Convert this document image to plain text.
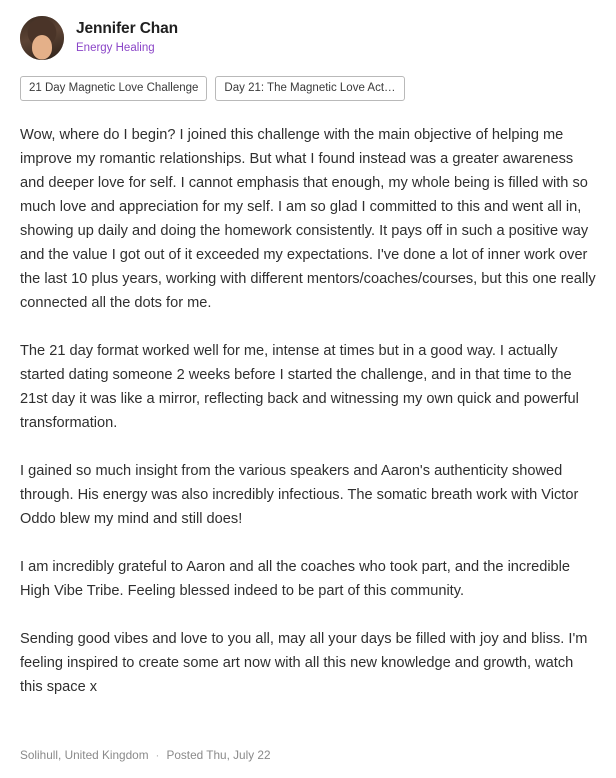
Jennifer Chan
Energy Healing
21 Day Magnetic Love Challenge	Day 21: The Magnetic Love Act…

Wow, where do I begin? I joined this challenge with the main objective of helping me improve my romantic relationships. But what I found instead was a greater awareness and deeper love for self. I cannot emphasis that enough, my whole being is filled with so much love and appreciation for my self. I am so glad I committed to this and went all in, showing up daily and doing the homework consistently. It pays off in such a positive way and the value I got out of it exceeded my expectations. I've done a lot of inner work over the last 10 plus years, working with different mentors/coaches/courses, but this one really connected all the dots for me.

The 21 day format worked well for me, intense at times but in a good way. I actually started dating someone 2 weeks before I started the challenge, and in that time to the 21st day it was like a mirror, reflecting back and witnessing my own quick and powerful transformation.

I gained so much insight from the various speakers and Aaron's authenticity showed through. His energy was also incredibly infectious. The somatic breath work with Victor Oddo blew my mind and still does!

I am incredibly grateful to Aaron and all the coaches who took part, and the incredible High Vibe Tribe. Feeling blessed indeed to be part of this community.

Sending good vibes and love to you all, may all your days be filled with joy and bliss. I'm feeling inspired to create some art now with all this new knowledge and growth, watch this space x

Solihull, United Kingdom · Posted Thu, July 22
